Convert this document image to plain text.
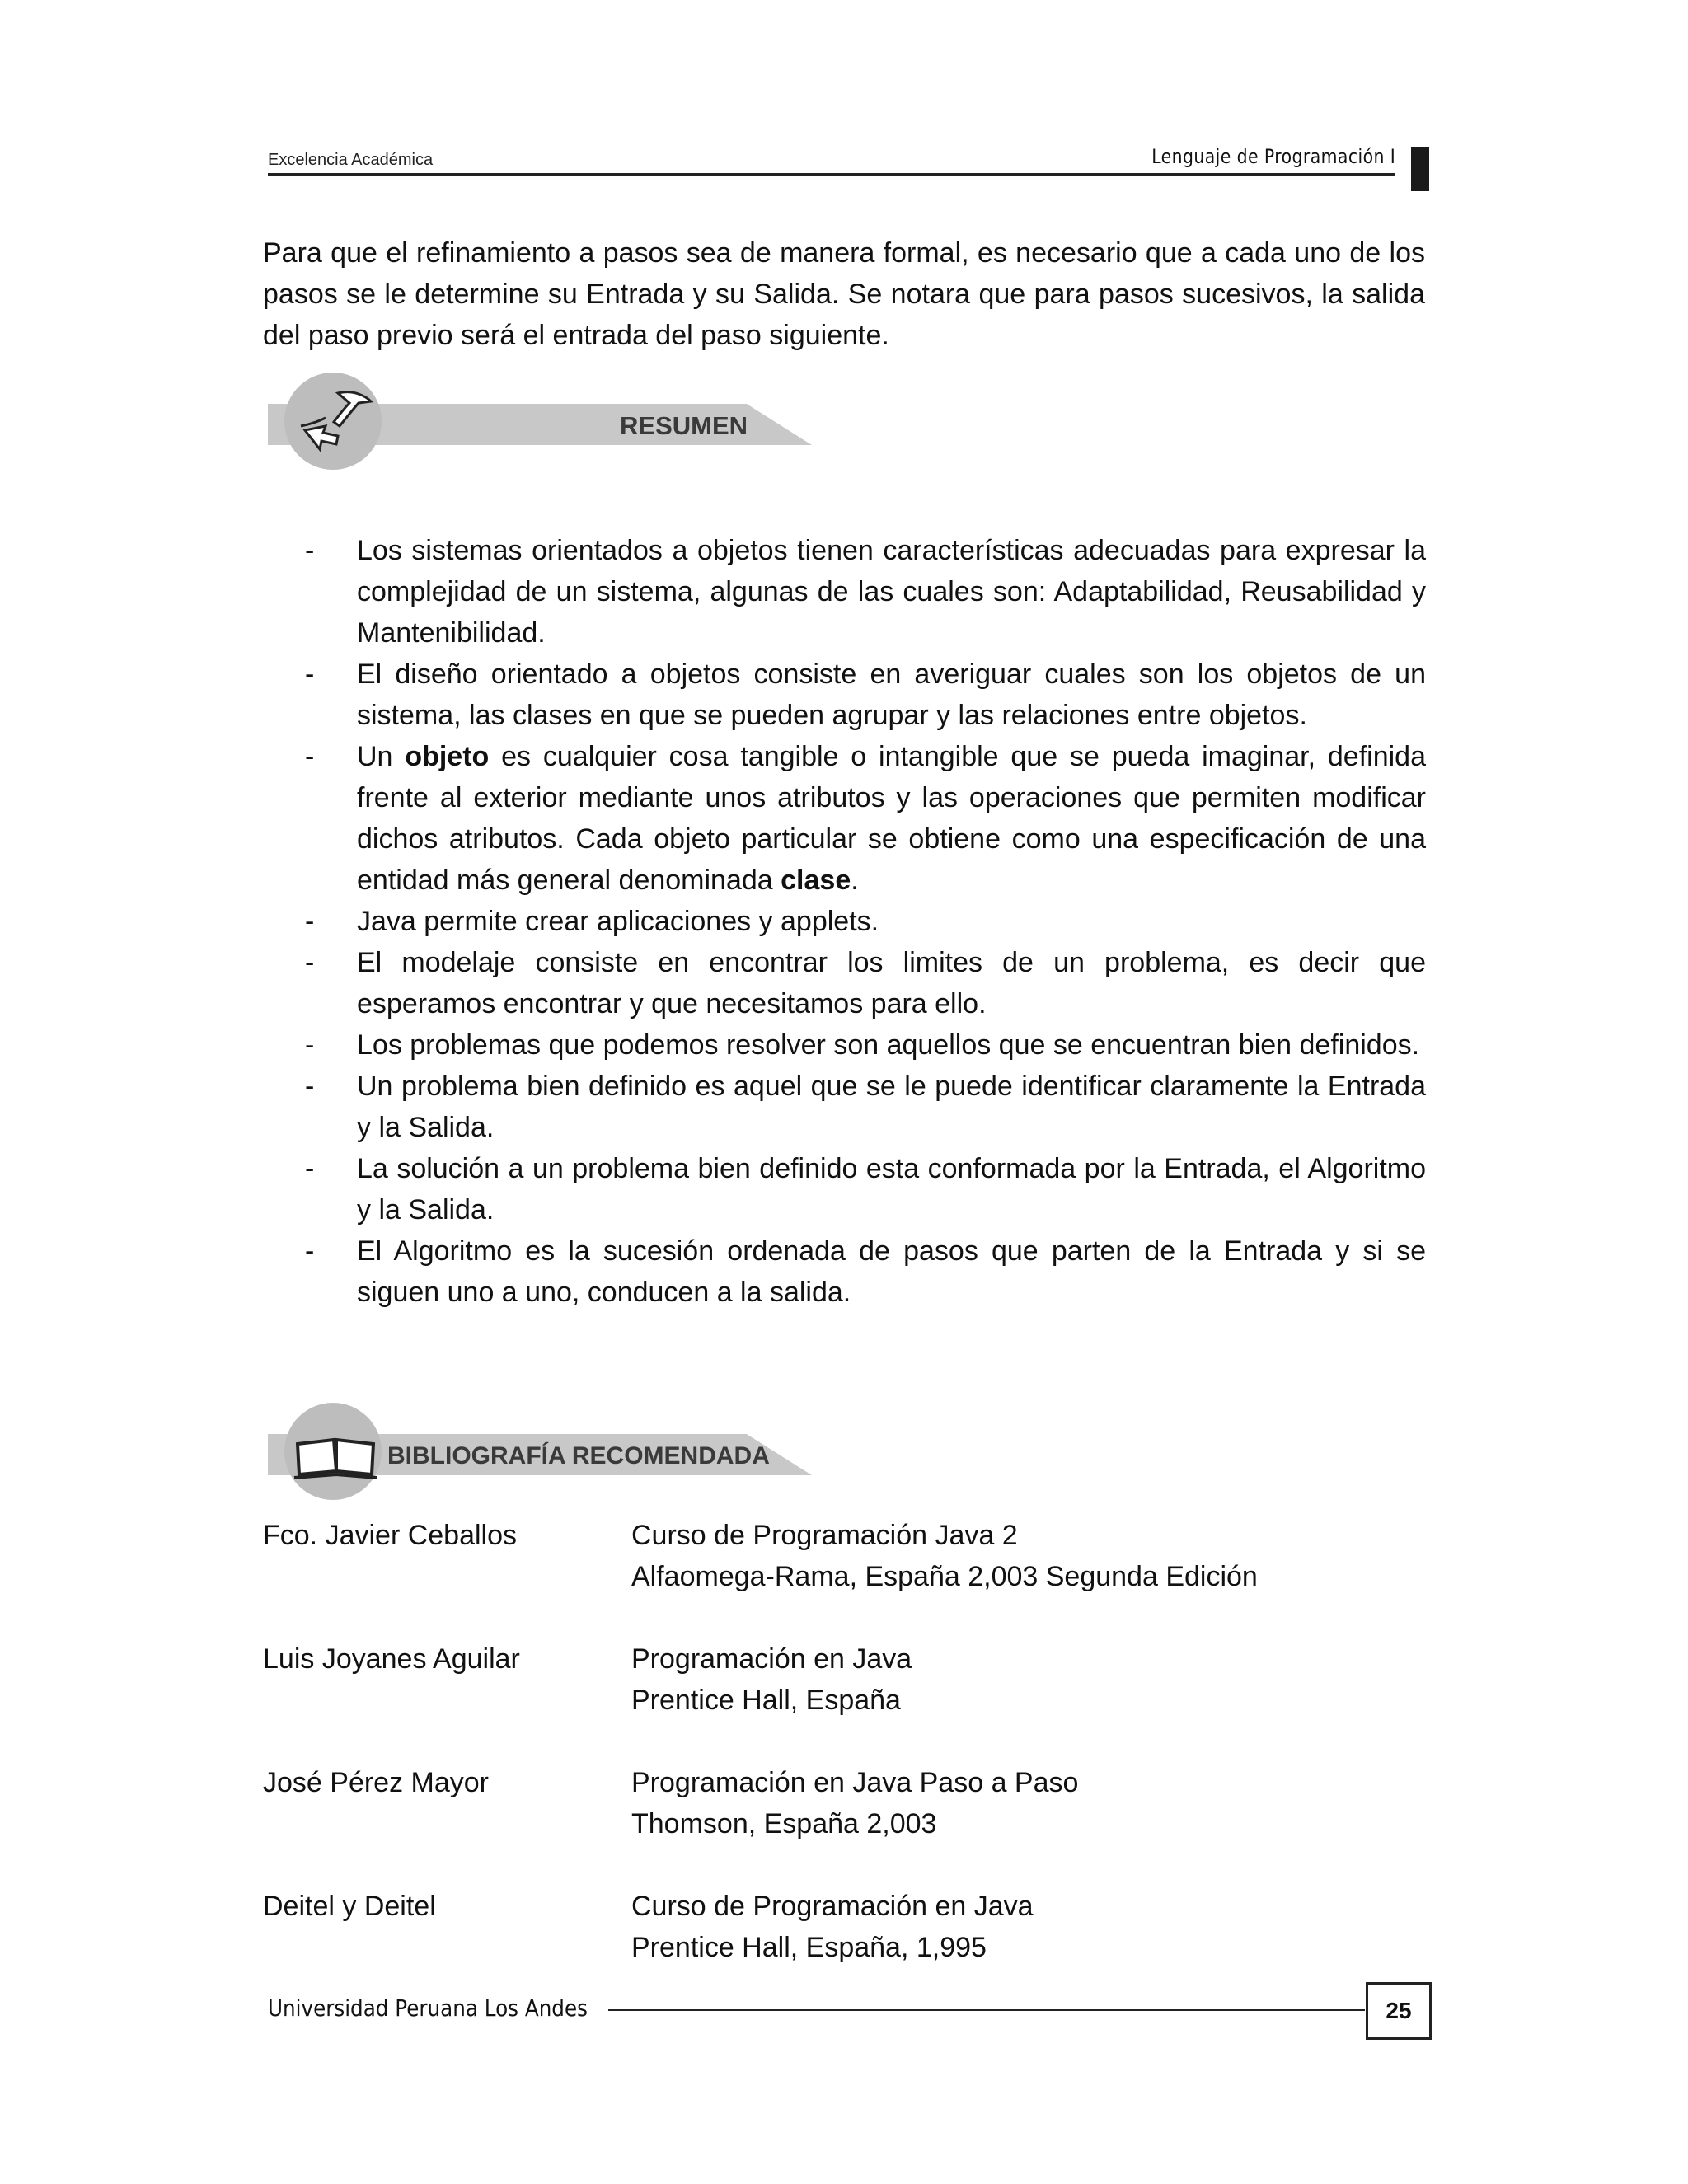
Excelencia Académica	Lenguaje de Programación I
Para que el refinamiento a pasos sea de manera formal, es necesario que a cada uno de los pasos se le determine su Entrada y su Salida. Se notara que para pasos sucesivos, la salida del paso previo será el entrada del paso siguiente.
RESUMEN
-	Los sistemas orientados a objetos tienen características adecuadas para expresar la complejidad de un sistema, algunas de las cuales son: Adaptabilidad, Reusabilidad y Mantenibilidad.
-	El diseño orientado a objetos consiste en averiguar cuales son los objetos de un sistema, las clases en que se pueden agrupar y las relaciones entre objetos.
-	Un objeto es cualquier cosa tangible o intangible que se pueda imaginar, definida frente al exterior mediante unos atributos y las operaciones que permiten modificar dichos atributos. Cada objeto particular se obtiene como una especificación de una entidad más general denominada clase.
-	Java permite crear aplicaciones y applets.
-	El modelaje consiste en encontrar los limites de un problema, es decir que esperamos encontrar y que necesitamos para ello.
-	Los problemas que podemos resolver son aquellos que se encuentran bien definidos.
-	Un problema bien definido es aquel que se le puede identificar claramente la Entrada y la Salida.
-	La solución a un problema bien definido esta conformada por la Entrada, el Algoritmo y la Salida.
-	El Algoritmo es la sucesión ordenada de pasos que parten de la Entrada y si se siguen uno a uno, conducen a la salida.
BIBLIOGRAFÍA RECOMENDADA
Fco. Javier Ceballos	Curso de Programación Java 2
Alfaomega-Rama, España 2,003 Segunda Edición
Luis Joyanes Aguilar	Programación en Java
Prentice Hall, España
José Pérez Mayor	Programación en Java Paso a Paso
Thomson, España 2,003
Deitel y Deitel	Curso de Programación en Java
Prentice Hall, España, 1,995
Universidad Peruana Los Andes	25
